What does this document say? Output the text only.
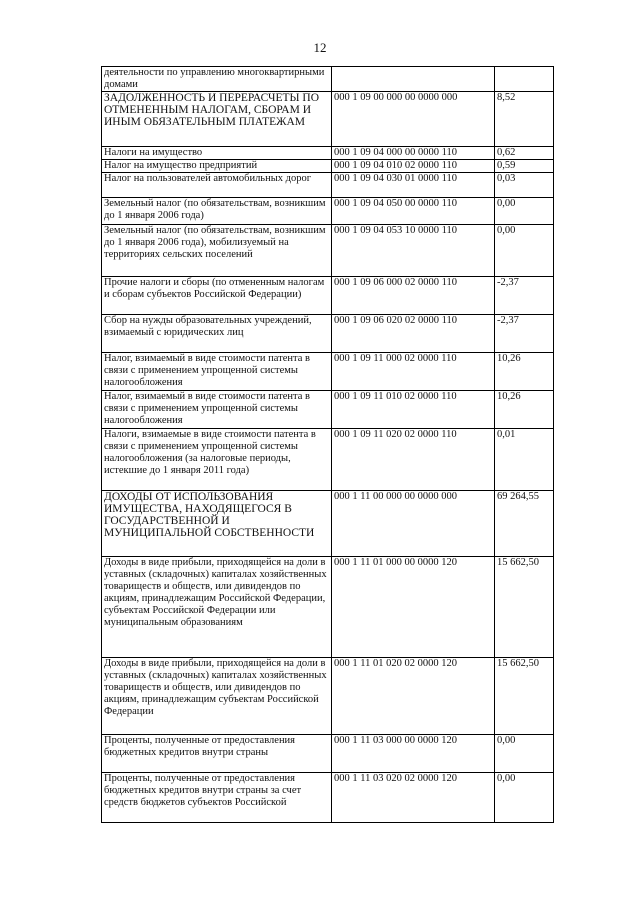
12
деятельности по управлению многоквартирными домами		
ЗАДОЛЖЕННОСТЬ И ПЕРЕРАСЧЕТЫ ПО ОТМЕНЕННЫМ НАЛОГАМ, СБОРАМ И ИНЫМ ОБЯЗАТЕЛЬНЫМ ПЛАТЕЖАМ	000 1 09 00 000 00 0000 000	8,52
Налоги на имущество	000 1 09 04 000 00 0000 110	0,62
Налог на имущество предприятий	000 1 09 04 010 02 0000 110	0,59
Налог на пользователей автомобильных дорог	000 1 09 04 030 01 0000 110	0,03
Земельный налог (по обязательствам, возникшим до 1 января 2006 года)	000 1 09 04 050 00 0000 110	0,00
Земельный налог (по обязательствам, возникшим до 1 января 2006 года), мобилизуемый на территориях сельских поселений	000 1 09 04 053 10 0000 110	0,00
Прочие налоги и сборы (по отмененным налогам и сборам субъектов Российской Федерации)	000 1 09 06 000 02 0000 110	-2,37
Сбор на нужды образовательных учреждений, взимаемый с юридических лиц	000 1 09 06 020 02 0000 110	-2,37
Налог, взимаемый в виде стоимости патента в связи с применением упрощенной системы налогообложения	000 1 09 11 000 02 0000 110	10,26
Налог, взимаемый в виде стоимости патента в связи с применением упрощенной системы налогообложения	000 1 09 11 010 02 0000 110	10,26
Налоги, взимаемые в виде стоимости патента в связи с применением упрощенной системы налогообложения (за налоговые периоды, истекшие до 1 января 2011 года)	000 1 09 11 020 02 0000 110	0,01
ДОХОДЫ ОТ ИСПОЛЬЗОВАНИЯ ИМУЩЕСТВА, НАХОДЯЩЕГОСЯ В ГОСУДАРСТВЕННОЙ И МУНИЦИПАЛЬНОЙ СОБСТВЕННОСТИ	000 1 11 00 000 00 0000 000	69 264,55
Доходы в виде прибыли, приходящейся на доли в уставных (складочных) капиталах хозяйственных товариществ и обществ, или дивидендов по акциям, принадлежащим Российской Федерации, субъектам Российской Федерации или муниципальным образованиям	000 1 11 01 000 00 0000 120	15 662,50
Доходы в виде прибыли, приходящейся на доли в уставных (складочных) капиталах хозяйственных товариществ и обществ, или дивидендов по акциям, принадлежащим субъектам Российской Федерации	000 1 11 01 020 02 0000 120	15 662,50
Проценты, полученные от предоставления бюджетных кредитов внутри страны	000 1 11 03 000 00 0000 120	0,00
Проценты, полученные от предоставления бюджетных кредитов внутри страны за счет средств бюджетов субъектов Российской	000 1 11 03 020 02 0000 120	0,00
